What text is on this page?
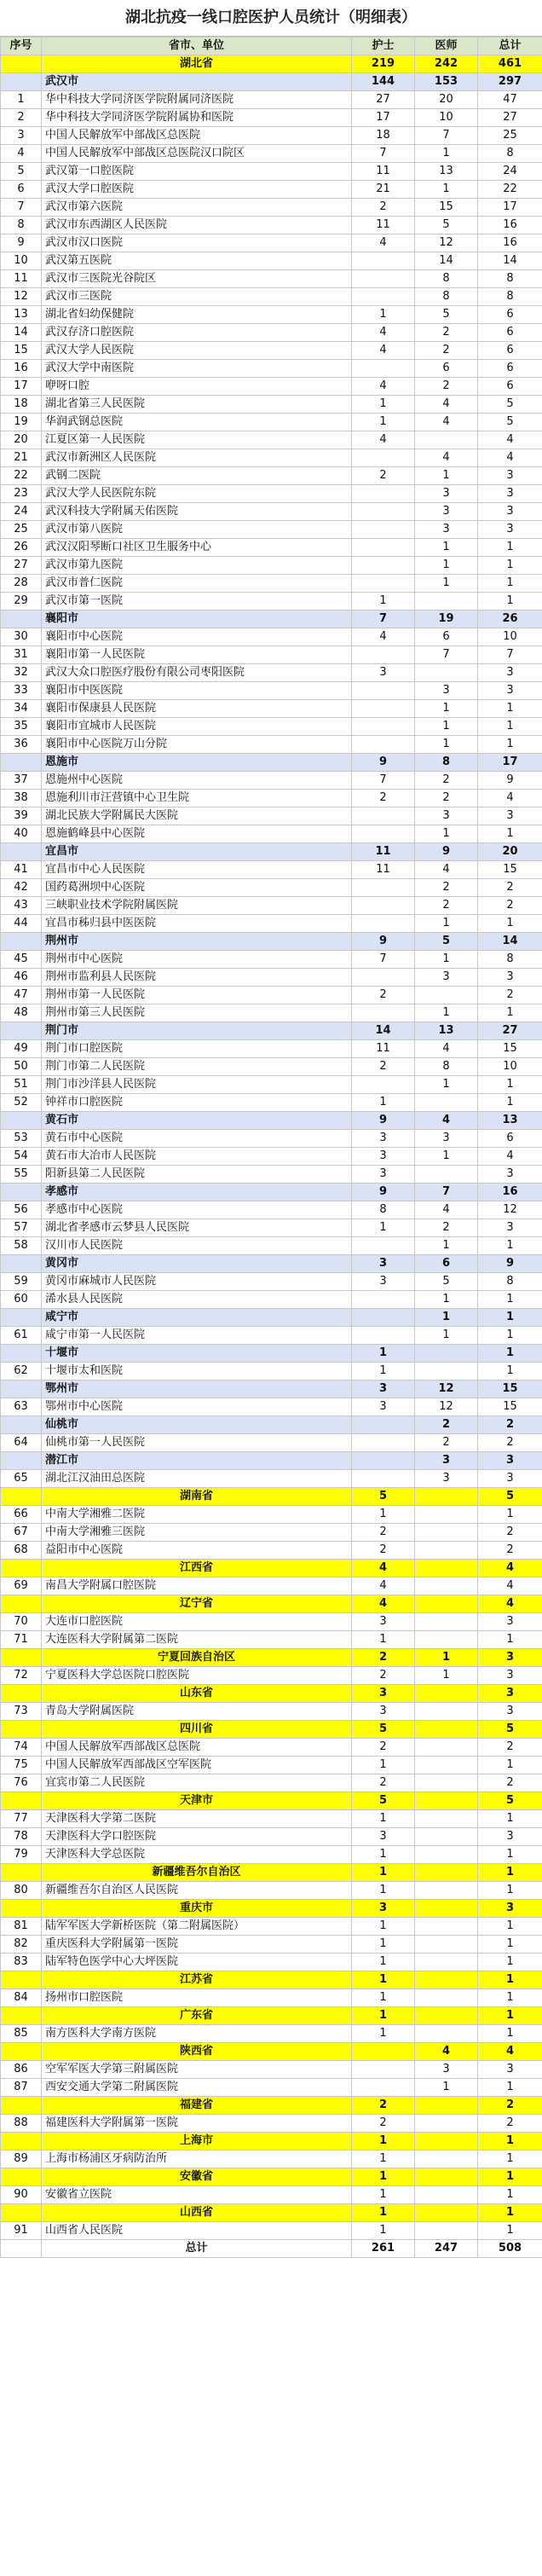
湖北抗疫一线口腔医护人员统计（明细表）
序号	省市、单位	护士	医师	总计
	湖北省	219	242	461
	武汉市	144	153	297
1	华中科技大学同济医学院附属同济医院	27	20	47
2	华中科技大学同济医学院附属协和医院	17	10	27
3	中国人民解放军中部战区总医院	18	7	25
4	中国人民解放军中部战区总医院汉口院区	7	1	8
5	武汉第一口腔医院	11	13	24
6	武汉大学口腔医院	21	1	22
7	武汉市第六医院	2	15	17
8	武汉市东西湖区人民医院	11	5	16
9	武汉市汉口医院	4	12	16
10	武汉第五医院		14	14
11	武汉市三医院光谷院区		8	8
12	武汉市三医院		8	8
13	湖北省妇幼保健院	1	5	6
14	武汉存济口腔医院	4	2	6
15	武汉大学人民医院	4	2	6
16	武汉大学中南医院		6	6
17	咿呀口腔	4	2	6
18	湖北省第三人民医院	1	4	5
19	华润武钢总医院	1	4	5
20	江夏区第一人民医院	4		4
21	武汉市新洲区人民医院		4	4
22	武钢二医院	2	1	3
23	武汉大学人民医院东院		3	3
24	武汉科技大学附属天佑医院		3	3
25	武汉市第八医院		3	3
26	武汉汉阳琴断口社区卫生服务中心		1	1
27	武汉市第九医院		1	1
28	武汉市普仁医院		1	1
29	武汉市第一医院	1		1
	襄阳市	7	19	26
30	襄阳市中心医院	4	6	10
31	襄阳市第一人民医院		7	7
32	武汉大众口腔医疗股份有限公司枣阳医院	3		3
33	襄阳市中医医院		3	3
34	襄阳市保康县人民医院		1	1
35	襄阳市宜城市人民医院		1	1
36	襄阳市中心医院万山分院		1	1
	恩施市	9	8	17
37	恩施州中心医院	7	2	9
38	恩施利川市汪营镇中心卫生院	2	2	4
39	湖北民族大学附属民大医院		3	3
40	恩施鹤峰县中心医院		1	1
	宜昌市	11	9	20
41	宜昌市中心人民医院	11	4	15
42	国药葛洲坝中心医院		2	2
43	三峡职业技术学院附属医院		2	2
44	宜昌市秭归县中医医院		1	1
	荆州市	9	5	14
45	荆州市中心医院	7	1	8
46	荆州市监利县人民医院		3	3
47	荆州市第一人民医院	2		2
48	荆州市第三人民医院		1	1
	荆门市	14	13	27
49	荆门市口腔医院	11	4	15
50	荆门市第二人民医院	2	8	10
51	荆门市沙洋县人民医院		1	1
52	钟祥市口腔医院	1		1
	黄石市	9	4	13
53	黄石市中心医院	3	3	6
54	黄石市大冶市人民医院	3	1	4
55	阳新县第二人民医院	3		3
	孝感市	9	7	16
56	孝感市中心医院	8	4	12
57	湖北省孝感市云梦县人民医院	1	2	3
58	汉川市人民医院		1	1
	黄冈市	3	6	9
59	黄冈市麻城市人民医院	3	5	8
60	浠水县人民医院		1	1
	咸宁市		1	1
61	咸宁市第一人民医院		1	1
	十堰市	1		1
62	十堰市太和医院	1		1
	鄂州市	3	12	15
63	鄂州市中心医院	3	12	15
	仙桃市		2	2
64	仙桃市第一人民医院		2	2
	潜江市		3	3
65	湖北江汉油田总医院		3	3
	湖南省	5		5
66	中南大学湘雅二医院	1		1
67	中南大学湘雅三医院	2		2
68	益阳市中心医院	2		2
	江西省	4		4
69	南昌大学附属口腔医院	4		4
	辽宁省	4		4
70	大连市口腔医院	3		3
71	大连医科大学附属第二医院	1		1
	宁夏回族自治区	2	1	3
72	宁夏医科大学总医院口腔医院	2	1	3
	山东省	3		3
73	青岛大学附属医院	3		3
	四川省	5		5
74	中国人民解放军西部战区总医院	2		2
75	中国人民解放军西部战区空军医院	1		1
76	宜宾市第二人民医院	2		2
	天津市	5		5
77	天津医科大学第二医院	1		1
78	天津医科大学口腔医院	3		3
79	天津医科大学总医院	1		1
	新疆维吾尔自治区	1		1
80	新疆维吾尔自治区人民医院	1		1
	重庆市	3		3
81	陆军军医大学新桥医院（第二附属医院）	1		1
82	重庆医科大学附属第一医院	1		1
83	陆军特色医学中心大坪医院	1		1
	江苏省	1		1
84	扬州市口腔医院	1		1
	广东省	1		1
85	南方医科大学南方医院	1		1
	陕西省		4	4
86	空军军医大学第三附属医院		3	3
87	西安交通大学第二附属医院		1	1
	福建省	2		2
88	福建医科大学附属第一医院	2		2
	上海市	1		1
89	上海市杨浦区牙病防治所	1		1
	安徽省	1		1
90	安徽省立医院	1		1
	山西省	1		1
91	山西省人民医院	1		1
	总计	261	247	508
